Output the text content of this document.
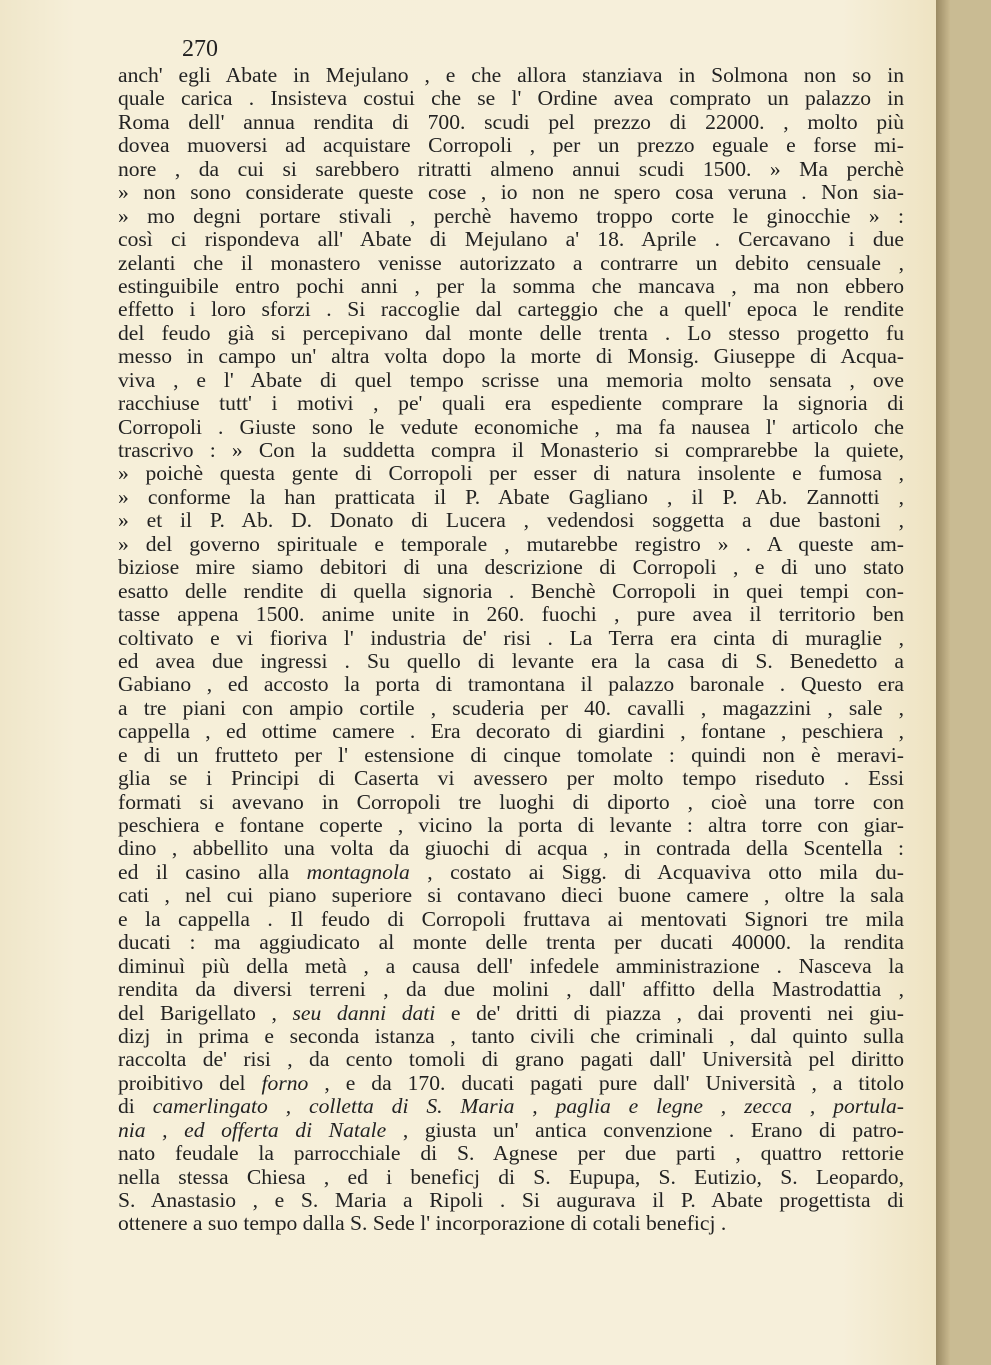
270
anch' egli Abate in Mejulano , e che allora stanziava in Solmona non so in
quale carica . Insisteva costui che se l' Ordine avea comprato un palazzo in
Roma dell' annua rendita di 700. scudi pel prezzo di 22000. , molto più
dovea muoversi ad acquistare Corropoli , per un prezzo eguale e forse mi-
nore , da cui si sarebbero ritratti almeno annui scudi 1500. » Ma perchè
» non sono considerate queste cose , io non ne spero cosa veruna . Non sia-
» mo degni portare stivali , perchè havemo troppo corte le ginocchie » :
così ci rispondeva all' Abate di Mejulano a' 18. Aprile . Cercavano i due
zelanti che il monastero venisse autorizzato a contrarre un debito censuale ,
estinguibile entro pochi anni , per la somma che mancava , ma non ebbero
effetto i loro sforzi . Si raccoglie dal carteggio che a quell' epoca le rendite
del feudo già si percepivano dal monte delle trenta . Lo stesso progetto fu
messo in campo un' altra volta dopo la morte di Monsig. Giuseppe di Acqua-
viva , e l' Abate di quel tempo scrisse una memoria molto sensata , ove
racchiuse tutt' i motivi , pe' quali era espediente comprare la signoria di
Corropoli . Giuste sono le vedute economiche , ma fa nausea l' articolo che
trascrivo : » Con la suddetta compra il Monasterio si comprarebbe la quiete,
» poichè questa gente di Corropoli per esser di natura insolente e fumosa ,
» conforme la han pratticata il P. Abate Gagliano , il P. Ab. Zannotti ,
» et il P. Ab. D. Donato di Lucera , vedendosi soggetta a due bastoni ,
» del governo spirituale e temporale , mutarebbe registro » . A queste am-
biziose mire siamo debitori di una descrizione di Corropoli , e di uno stato
esatto delle rendite di quella signoria . Benchè Corropoli in quei tempi con-
tasse appena 1500. anime unite in 260. fuochi , pure avea il territorio ben
coltivato e vi fioriva l' industria de' risi . La Terra era cinta di muraglie ,
ed avea due ingressi . Su quello di levante era la casa di S. Benedetto a
Gabiano , ed accosto la porta di tramontana il palazzo baronale . Questo era
a tre piani con ampio cortile , scuderia per 40. cavalli , magazzini , sale ,
cappella , ed ottime camere . Era decorato di giardini , fontane , peschiera ,
e di un frutteto per l' estensione di cinque tomolate : quindi non è meravi-
glia se i Principi di Caserta vi avessero per molto tempo riseduto . Essi
formati si avevano in Corropoli tre luoghi di diporto , cioè una torre con
peschiera e fontane coperte , vicino la porta di levante : altra torre con giar-
dino , abbellito una volta da giuochi di acqua , in contrada della Scentella :
ed il casino alla montagnola , costato ai Sigg. di Acquaviva otto mila du-
cati , nel cui piano superiore si contavano dieci buone camere , oltre la sala
e la cappella . Il feudo di Corropoli fruttava ai mentovati Signori tre mila
ducati : ma aggiudicato al monte delle trenta per ducati 40000. la rendita
diminuì più della metà , a causa dell' infedele amministrazione . Nasceva la
rendita da diversi terreni , da due molini , dall' affitto della Mastrodattia ,
del Barigellato , seu danni dati e de' dritti di piazza , dai proventi nei giu-
dizj in prima e seconda istanza , tanto civili che criminali , dal quinto sulla
raccolta de' risi , da cento tomoli di grano pagati dall' Università pel diritto
proibitivo del forno , e da 170. ducati pagati pure dall' Università , a titolo
di camerlingato , colletta di S. Maria , paglia e legne , zecca , portula-
nia , ed offerta di Natale , giusta un' antica convenzione . Erano di patro-
nato feudale la parrocchiale di S. Agnese per due parti , quattro rettorie
nella stessa Chiesa , ed i beneficj di S. Eupupa, S. Eutizio, S. Leopardo,
S. Anastasio , e S. Maria a Ripoli . Si augurava il P. Abate progettista di
ottenere a suo tempo dalla S. Sede l' incorporazione di cotali beneficj .
